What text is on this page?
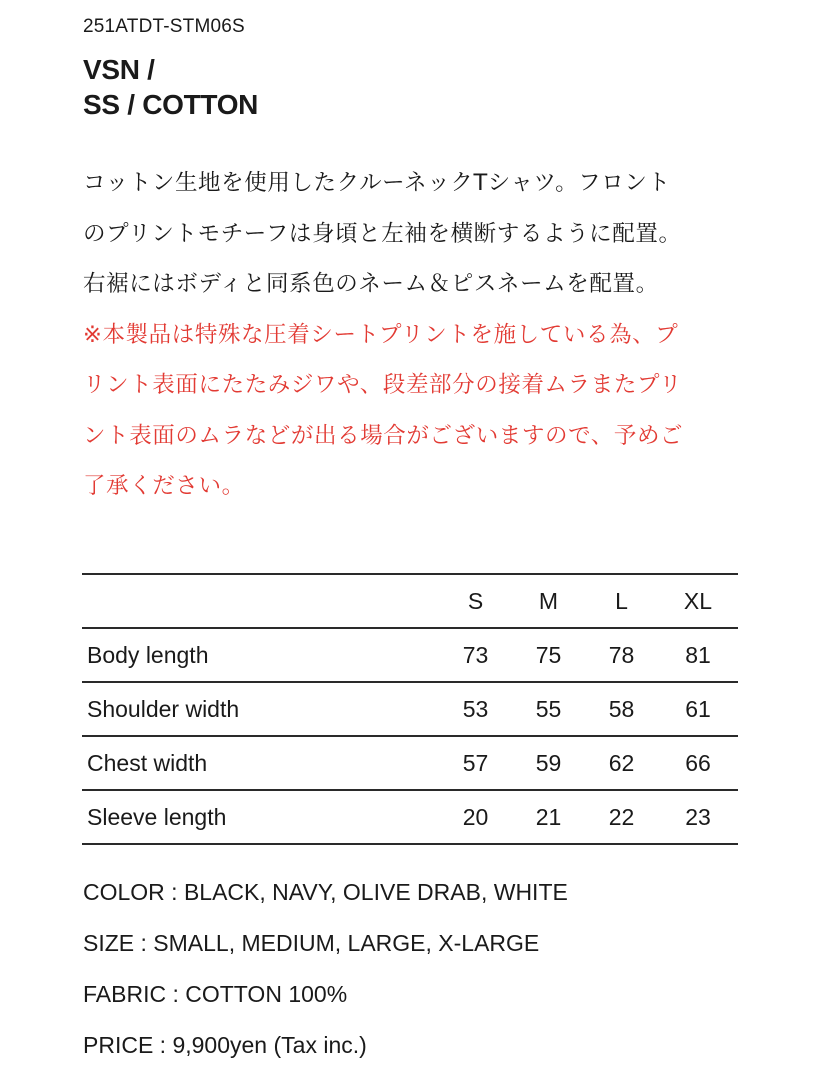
251ATDT-STM06S
VSN /
SS / COTTON
コットン生地を使用したクルーネックTシャツ。フロント
のプリントモチーフは身頃と左袖を横断するように配置。
右裾にはボディと同系色のネーム＆ピスネームを配置。
※本製品は特殊な圧着シートプリントを施している為、プ
リント表面にたたみジワや、段差部分の接着ムラまたプリ
ント表面のムラなどが出る場合がございますので、予めご
了承ください。
	S	M	L	XL
Body length	73	75	78	81
Shoulder width	53	55	58	61
Chest width	57	59	62	66
Sleeve length	20	21	22	23
COLOR : BLACK, NAVY, OLIVE DRAB, WHITE
SIZE : SMALL, MEDIUM, LARGE, X-LARGE
FABRIC : COTTON 100%
PRICE : 9,900yen (Tax inc.)
